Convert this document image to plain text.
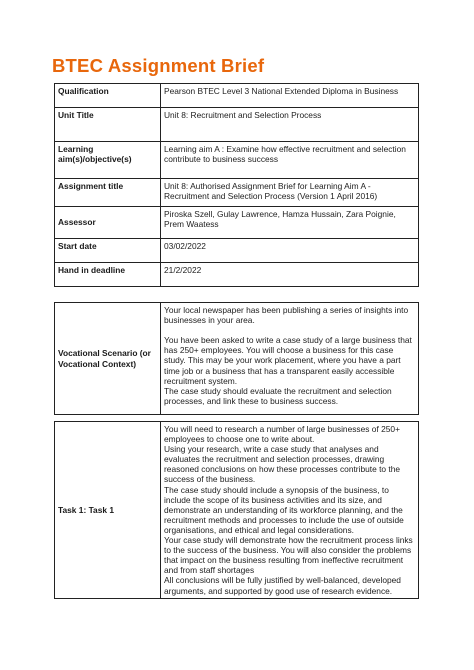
BTEC Assignment Brief
Qualification	Pearson BTEC Level 3 National Extended Diploma in Business
Unit Title	Unit 8: Recruitment and Selection Process
Learning aim(s)/objective(s)	Learning aim A : Examine how effective recruitment and selection contribute to business success
Assignment title	Unit 8: Authorised Assignment Brief for Learning Aim A - Recruitment and Selection Process (Version 1 April 2016)
Assessor	Piroska Szell, Gulay Lawrence, Hamza Hussain, Zara Poignie, Prem Waatess
Start date	03/02/2022
Hand in deadline	21/2/2022
Vocational Scenario (or Vocational Context)	Your local newspaper has been publishing a series of insights into businesses in your area.

You have been asked to write a case study of a large business that has 250+ employees. You will choose a business for this case study. This may be your work placement, where you have a part time job or a business that has a transparent easily accessible recruitment system.
The case study should evaluate the recruitment and selection processes, and link these to business success.
Task 1: Task 1	You will need to research a number of large businesses of 250+ employees to choose one to write about.
Using your research, write a case study that analyses and evaluates the recruitment and selection processes, drawing reasoned conclusions on how these processes contribute to the success of the business.
The case study should include a synopsis of the business, to include the scope of its business activities and its size, and demonstrate an understanding of its workforce planning, and the recruitment methods and processes to include the use of outside organisations, and ethical and legal considerations.
Your case study will demonstrate how the recruitment process links to the success of the business. You will also consider the problems that impact on the business resulting from ineffective recruitment and from staff shortages
All conclusions will be fully justified by well-balanced, developed arguments, and supported by good use of research evidence.
